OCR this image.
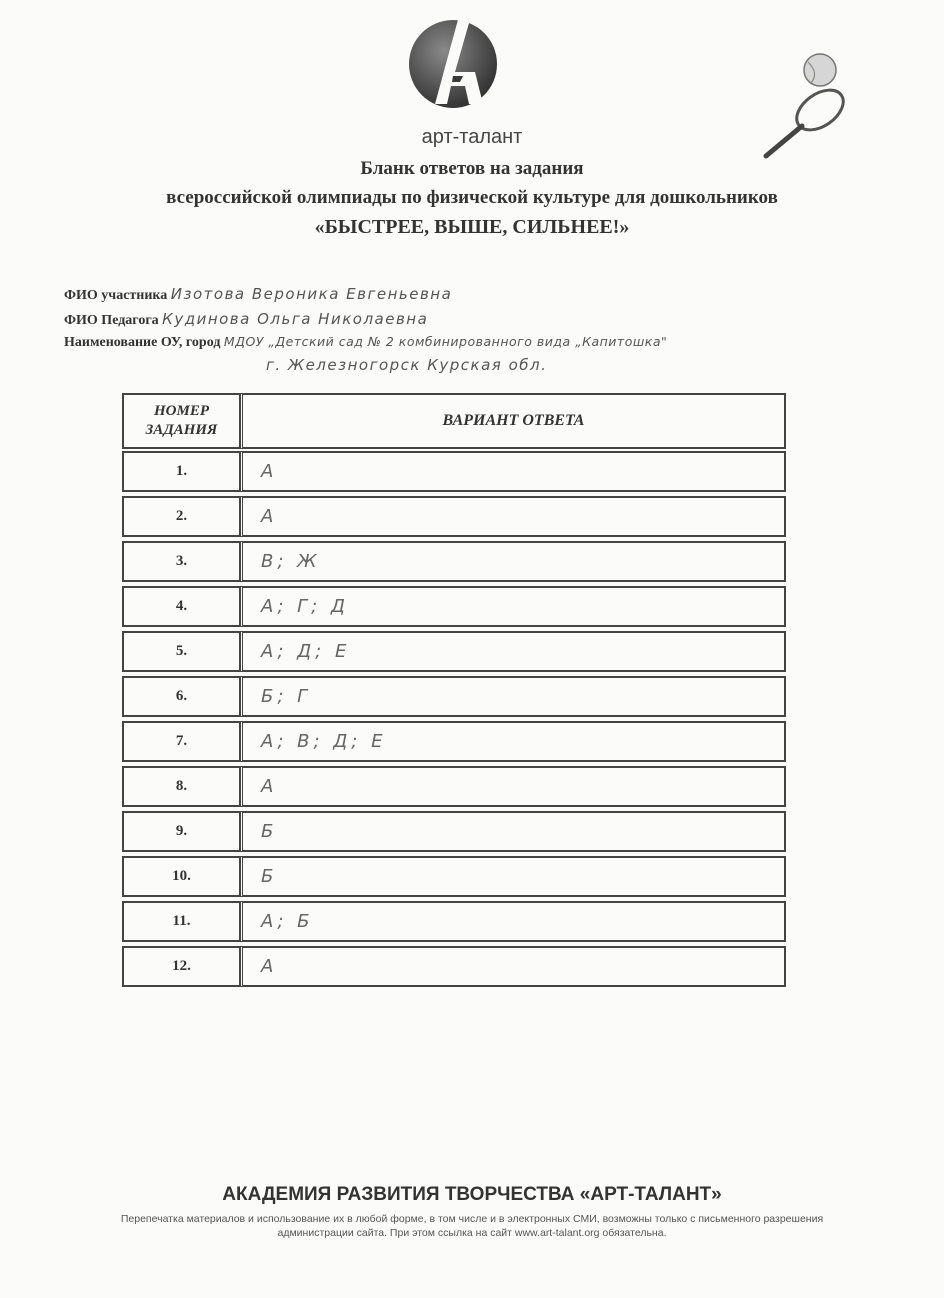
арт-талант
Бланк ответов на задания
всероссийской олимпиады по физической культуре для дошкольников
«БЫСТРЕЕ, ВЫШЕ, СИЛЬНЕЕ!»
ФИО участника Изотова Вероника Евгеньевна
ФИО Педагога Кудинова Ольга Николаевна
Наименование ОУ, город МДОУ „Детский сад № 2 комбинированного вида „Капитошка"
г. Железногорск Курская обл.
НОМЕР ЗАДАНИЯ
ВАРИАНТ ОТВЕТА
1.	А
2.	А
3.	В; Ж
4.	А; Г; Д
5.	А; Д; Е
6.	Б; Г
7.	А; В; Д; Е
8.	А
9.	Б
10.	Б
11.	А; Б
12.	А
АКАДЕМИЯ РАЗВИТИЯ ТВОРЧЕСТВА «АРТ-ТАЛАНТ»
Перепечатка материалов и использование их в любой форме, в том числе и в электронных СМИ, возможны только с письменного разрешения администрации сайта. При этом ссылка на сайт www.art-talant.org обязательна.
